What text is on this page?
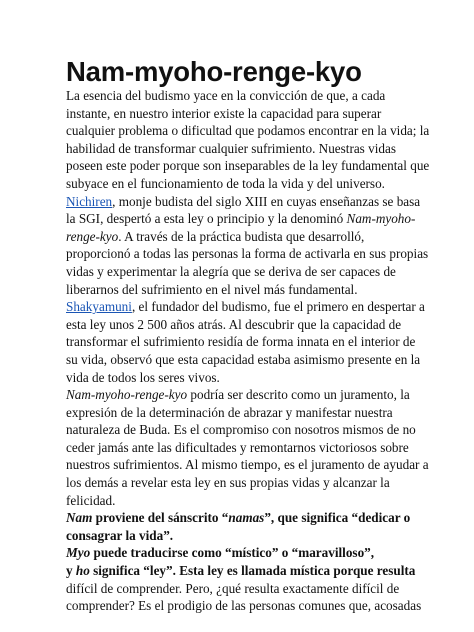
Nam-myoho-renge-kyo
La esencia del budismo yace en la convicción de que, a cada
instante, en nuestro interior existe la capacidad para superar
cualquier problema o dificultad que podamos encontrar en la vida; la
habilidad de transformar cualquier sufrimiento. Nuestras vidas
poseen este poder porque son inseparables de la ley fundamental que
subyace en el funcionamiento de toda la vida y del universo.
Nichiren, monje budista del siglo XIII en cuyas enseñanzas se basa
la SGI, despertó a esta ley o principio y la denominó Nam-myoho-
renge-kyo. A través de la práctica budista que desarrolló,
proporcionó a todas las personas la forma de activarla en sus propias
vidas y experimentar la alegría que se deriva de ser capaces de
liberarnos del sufrimiento en el nivel más fundamental.
Shakyamuni, el fundador del budismo, fue el primero en despertar a
esta ley unos 2 500 años atrás. Al descubrir que la capacidad de
transformar el sufrimiento residía de forma innata en el interior de
su vida, observó que esta capacidad estaba asimismo presente en la
vida de todos los seres vivos.
Nam-myoho-renge-kyo podría ser descrito como un juramento, la
expresión de la determinación de abrazar y manifestar nuestra
naturaleza de Buda. Es el compromiso con nosotros mismos de no
ceder jamás ante las dificultades y remontarnos victoriosos sobre
nuestros sufrimientos. Al mismo tiempo, es el juramento de ayudar a
los demás a revelar esta ley en sus propias vidas y alcanzar la
felicidad.
Nam proviene del sánscrito “namas”, que significa “dedicar o
consagrar la vida”.
Myo puede traducirse como “místico” o “maravilloso”,
y ho significa “ley”. Esta ley es llamada mística porque resulta
difícil de comprender. Pero, ¿qué resulta exactamente difícil de
comprender? Es el prodigio de las personas comunes que, acosadas
